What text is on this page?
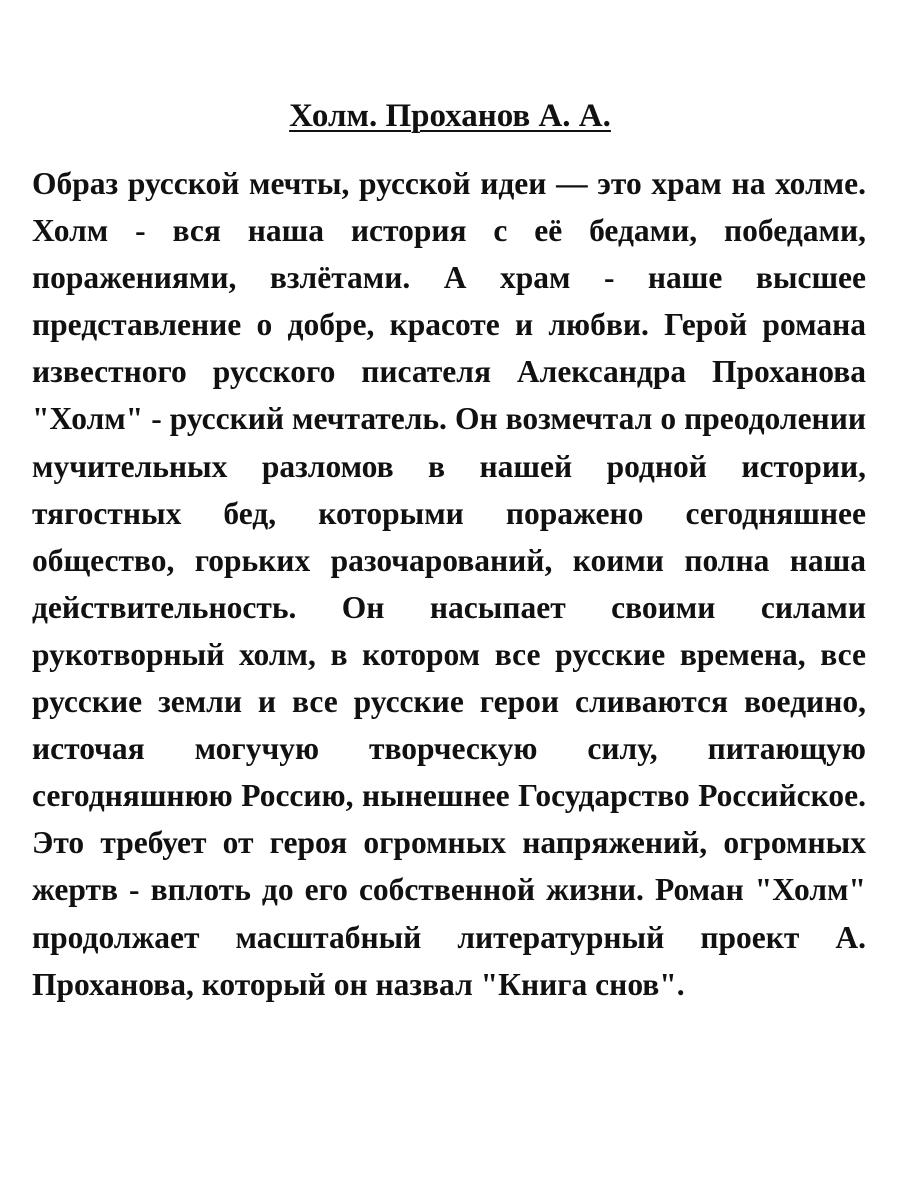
Холм. Проханов А. А.

Образ русской мечты, русской идеи — это храм на холме. Холм - вся наша история с её бедами, победами, поражениями, взлётами. А храм - наше высшее представление о добре, красоте и любви. Герой романа известного русского писателя Александра Проханова "Холм" - русский мечтатель. Он возмечтал о преодолении мучительных разломов в нашей родной истории, тягостных бед, которыми поражено сегодняшнее общество, горьких разочарований, коими полна наша действительность. Он насыпает своими силами рукотворный холм, в котором все русские времена, все русские земли и все русские герои сливаются воедино, источая могучую творческую силу, питающую сегодняшнюю Россию, нынешнее Государство Российское. Это требует от героя огромных напряжений, огромных жертв - вплоть до его собственной жизни. Роман "Холм" продолжает масштабный литературный проект А. Проханова, который он назвал "Книга снов".
